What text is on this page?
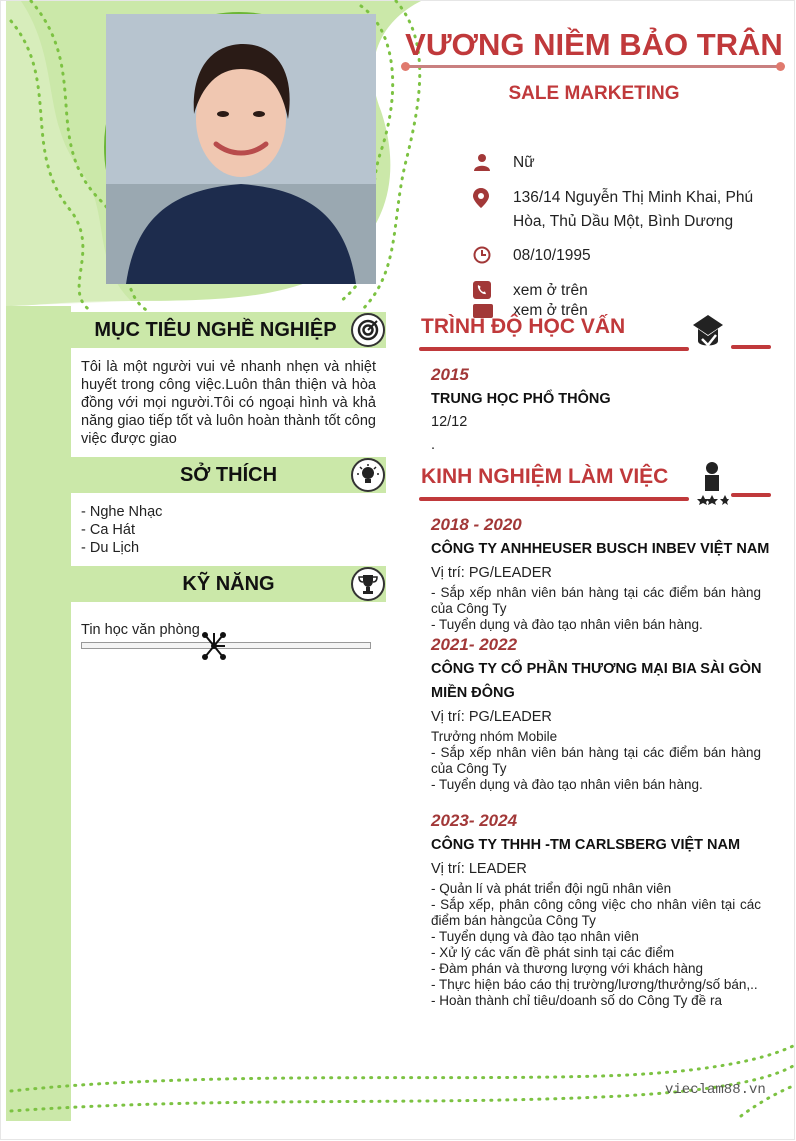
VƯƠNG NIỀM BẢO TRÂN
SALE MARKETING
Nữ
136/14 Nguyễn Thị Minh Khai, Phú Hòa, Thủ Dầu Một, Bình Dương
08/10/1995
xem ở trên
xem ở trên
MỤC TIÊU NGHỀ NGHIỆP

Tôi là một người vui vẻ nhanh nhẹn và nhiệt huyết trong công việc.Luôn thân thiện và hòa đồng với mọi người.Tôi có ngoại hình và khả năng giao tiếp tốt và luôn hoàn thành tốt công việc được giao

SỞ THÍCH
- Nghe Nhạc
- Ca Hát
- Du Lịch
KỸ NĂNG
Tin học văn phòng
TRÌNH ĐỘ HỌC VẤN
2015
TRUNG HỌC PHỔ THÔNG
12/12
.
KINH NGHIỆM LÀM VIỆC
2018 - 2020
CÔNG TY ANHHEUSER BUSCH INBEV VIỆT NAM
Vị trí: PG/LEADER
- Sắp xếp nhân viên bán hàng tại các điểm bán hàng của Công Ty
- Tuyển dụng và đào tạo nhân viên bán hàng.
2021- 2022
CÔNG TY CỔ PHẦN THƯƠNG MẠI BIA SÀI GÒN MIỀN ĐÔNG
Vị trí: PG/LEADER
Trưởng nhóm Mobile
- Sắp xếp nhân viên bán hàng tại các điểm bán hàng của Công Ty
- Tuyển dụng và đào tạo nhân viên bán hàng.
2023- 2024
CÔNG TY THHH -TM CARLSBERG VIỆT NAM
Vị trí: LEADER
- Quản lí và phát triển đội ngũ nhân viên
- Sắp xếp, phân công công việc cho nhân viên tại các điểm bán hàngcủa Công Ty
- Tuyển dụng và đào tạo nhân viên
- Xử lý các vấn đề phát sinh tại các điểm
- Đàm phán và thương lượng với khách hàng
- Thực hiện báo cáo thị trường/lương/thưởng/số bán,..
- Hoàn thành chỉ tiêu/doanh số do Công Ty đề ra
vieclam88.vn
